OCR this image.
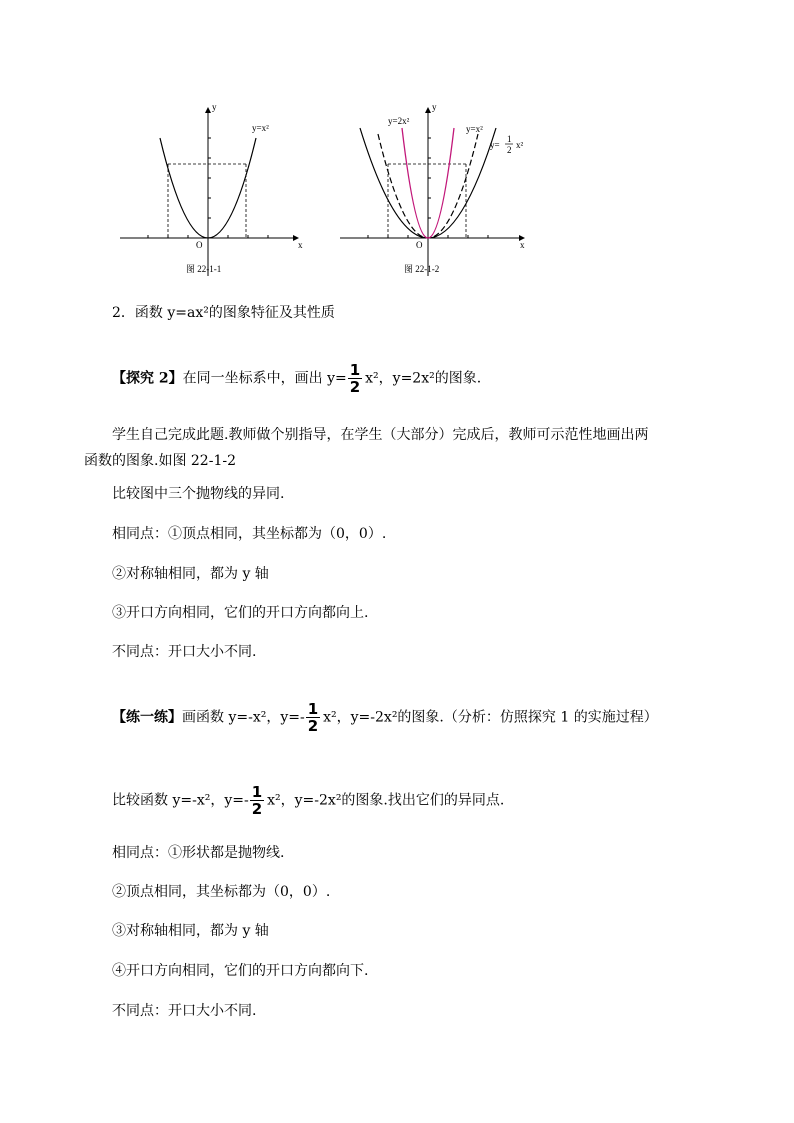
y=x²
x
y
O
图 22-1-1
y=2x²
y=x²
y=
1
2 x²
x
y
O
图 22-1-2
2．函数 y=ax²的图象特征及其性质
【探究 2】在同一坐标系中，画出 $y= \frac{1}{2} x^2$，y=2x²的图象.
学生自己完成此题.教师做个别指导，在学生（大部分）完成后，教师可示范性地画出两
函数的图象.如图 22-1-2
比较图中三个抛物线的异同.
相同点：①顶点相同，其坐标都为（0，0）.
②对称轴相同，都为 y 轴
③开口方向相同，它们的开口方向都向上.
不同点：开口大小不同.
【练一练】画函数 y=-x²，$y=- \frac{1}{2} x^2$，y=-2x²的图象.（分析：仿照探究 1 的实施过程）
比较函数 y=-x²，$y=- \frac{1}{2} x^2$，y=-2x²的图象.找出它们的异同点.
相同点：①形状都是抛物线.
②顶点相同，其坐标都为（0，0）.
③对称轴相同，都为 y 轴
④开口方向相同，它们的开口方向都向下.
不同点：开口大小不同.
